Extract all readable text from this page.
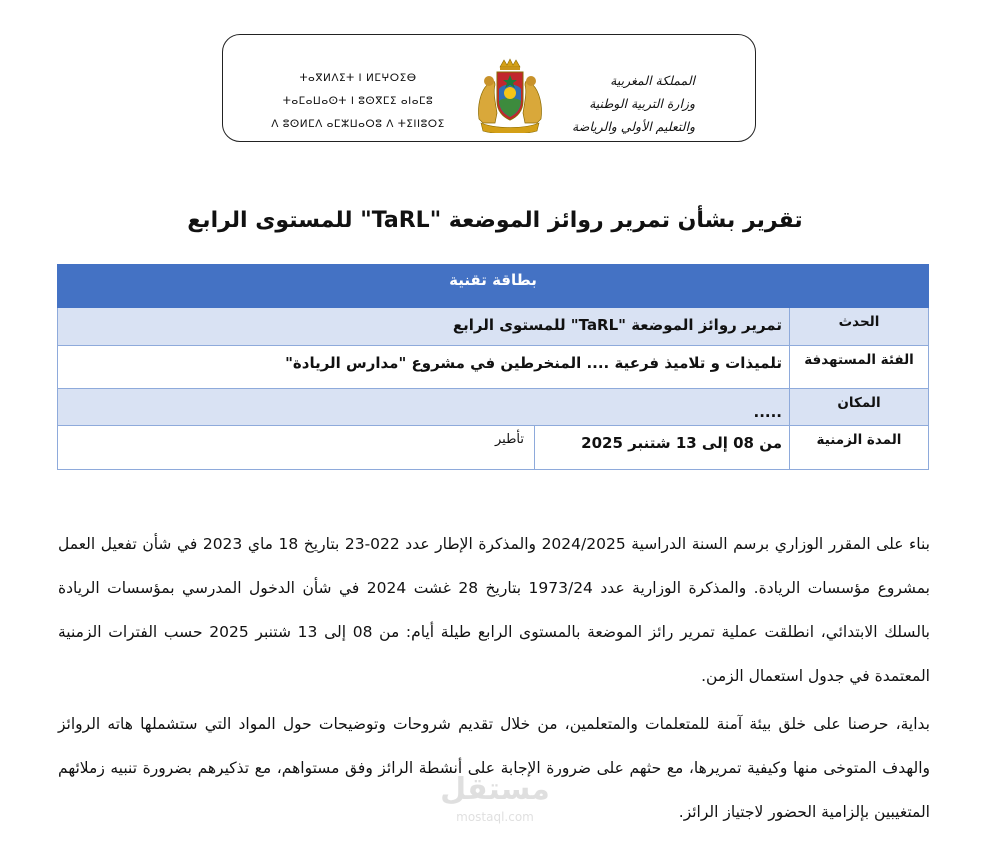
ⵜⴰⴳⵍⴷⵉⵜ ⵏ ⵍⵎⵖⵔⵉⴱ
ⵜⴰⵎⴰⵡⴰⵙⵜ ⵏ ⵓⵙⴳⵎⵉ ⴰⵏⴰⵎⵓ
ⴷ ⵓⵙⵍⵎⴷ ⴰⵎⵣⵡⴰⵔⵓ ⴷ ⵜⵉⵏⵏⵓⵔⵉ
المملكة المغربية
وزارة التربية الوطنية
والتعليم الأولي والرياضة
تقرير بشأن تمرير روائز الموضعة "TaRL" للمستوى الرابع
بطاقة تقنية
الحدث
تمرير روائز الموضعة "TaRL" للمستوى الرابع
الفئة المستهدفة
تلميذات و تلاميذ فرعية .... المنخرطين في مشروع "مدارس الريادة"
المكان
.....
المدة الزمنية
من 08 إلى 13 شتنبر 2025
تأطير
بناء على المقرر الوزاري برسم السنة الدراسية 2024/2025 والمذكرة الإطار عدد 022-23 بتاريخ 18 ماي 2023 في شأن تفعيل العمل بمشروع مؤسسات الريادة. والمذكرة الوزارية عدد 1973/24 بتاريخ 28 غشت 2024 في شأن الدخول المدرسي بمؤسسات الريادة بالسلك الابتدائي، انطلقت عملية تمرير رائز الموضعة بالمستوى الرابع طيلة أيام: من 08 إلى 13 شتنبر 2025 حسب الفترات الزمنية المعتمدة في جدول استعمال الزمن.
بداية، حرصنا على خلق بيئة آمنة للمتعلمات والمتعلمين، من خلال تقديم شروحات وتوضيحات حول المواد التي ستشملها هاته الروائز والهدف المتوخى منها وكيفية تمريرها، مع حثهم على ضرورة الإجابة على أنشطة الرائز وفق مستواهم، مع تذكيرهم بضرورة تنبيه زملائهم المتغيبين بإلزامية الحضور لاجتياز الرائز.
مستقل
mostaql.com
